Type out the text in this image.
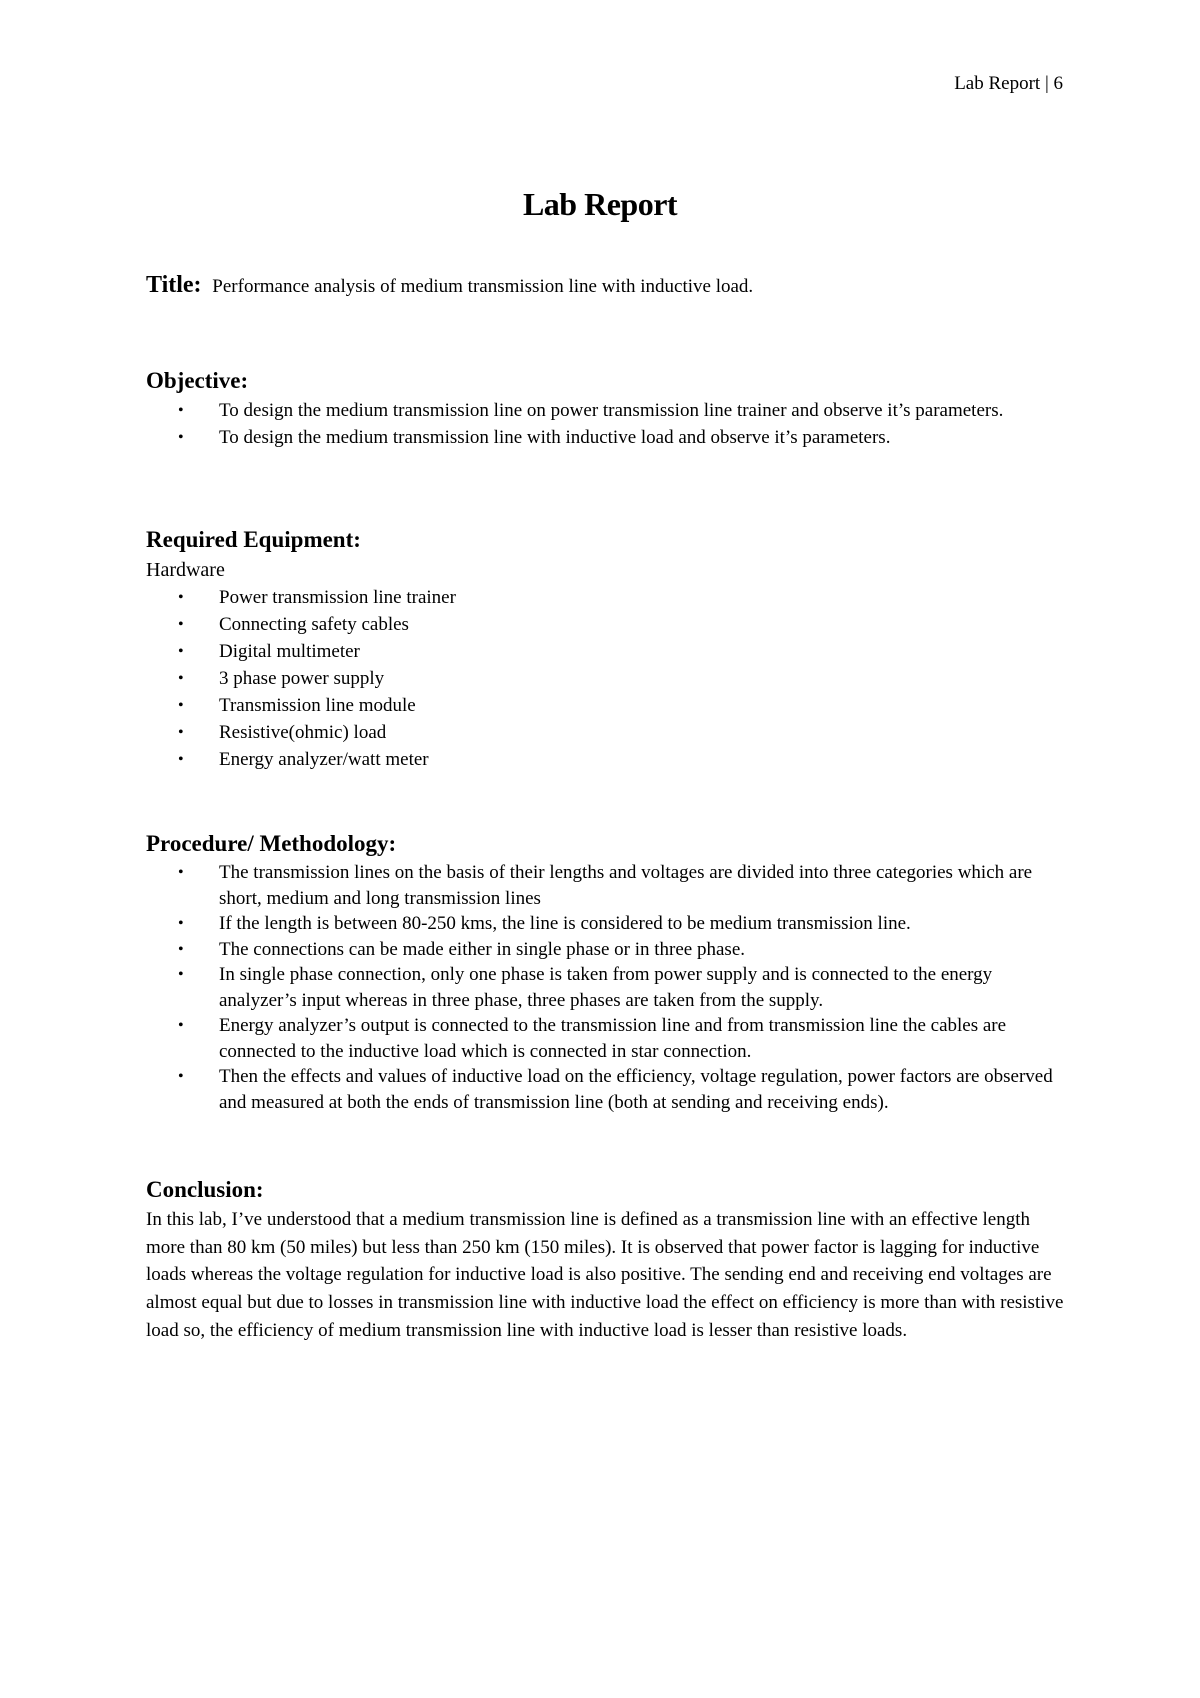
Lab Report | 6
Lab Report
Title: Performance analysis of medium transmission line with inductive load.
Objective:
• To design the medium transmission line on power transmission line trainer and observe it’s parameters.
• To design the medium transmission line with inductive load and observe it’s parameters.
Required Equipment:
Hardware
• Power transmission line trainer
• Connecting safety cables
• Digital multimeter
• 3 phase power supply
• Transmission line module
• Resistive(ohmic) load
• Energy analyzer/watt meter
Procedure/ Methodology:
• The transmission lines on the basis of their lengths and voltages are divided into three categories which are short, medium and long transmission lines
• If the length is between 80-250 kms, the line is considered to be medium transmission line.
• The connections can be made either in single phase or in three phase.
• In single phase connection, only one phase is taken from power supply and is connected to the energy analyzer’s input whereas in three phase, three phases are taken from the supply.
• Energy analyzer’s output is connected to the transmission line and from transmission line the cables are connected to the inductive load which is connected in star connection.
• Then the effects and values of inductive load on the efficiency, voltage regulation, power factors are observed and measured at both the ends of transmission line (both at sending and receiving ends).
Conclusion:
In this lab, I’ve understood that a medium transmission line is defined as a transmission line with an effective length more than 80 km (50 miles) but less than 250 km (150 miles). It is observed that power factor is lagging for inductive loads whereas the voltage regulation for inductive load is also positive. The sending end and receiving end voltages are almost equal but due to losses in transmission line with inductive load the effect on efficiency is more than with resistive load so, the efficiency of medium transmission line with inductive load is lesser than resistive loads.
